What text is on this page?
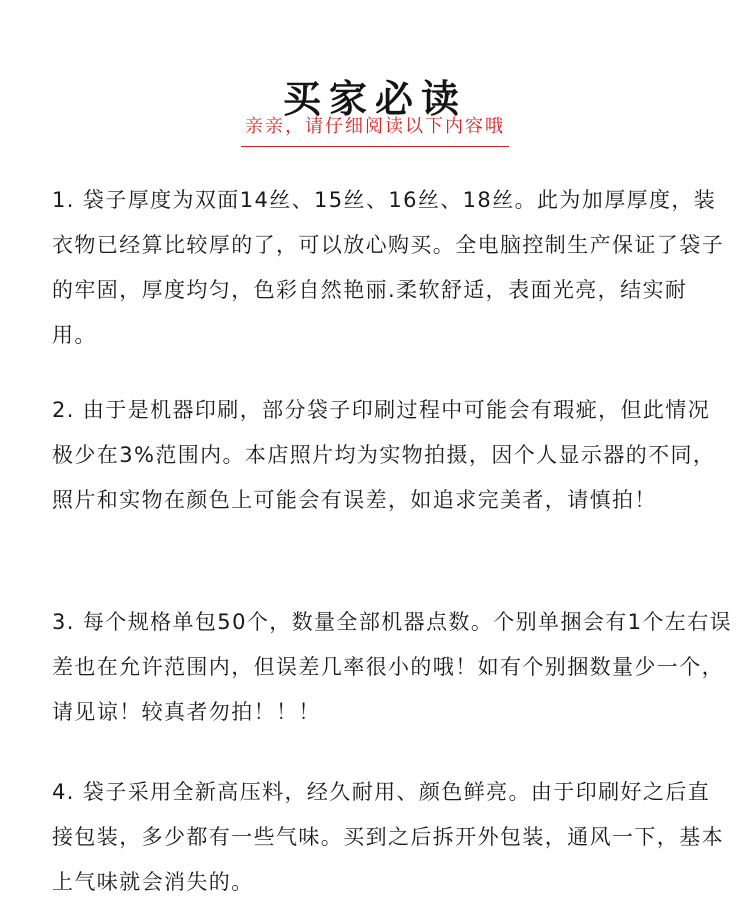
买家必读
亲亲，请仔细阅读以下内容哦

1. 袋子厚度为双面14丝、15丝、16丝、18丝。此为加厚厚度，装衣物已经算比较厚的了，可以放心购买。全电脑控制生产保证了袋子的牢固，厚度均匀，色彩自然艳丽.柔软舒适，表面光亮，结实耐用。

2. 由于是机器印刷，部分袋子印刷过程中可能会有瑕疵，但此情况极少在3%范围内。本店照片均为实物拍摄，因个人显示器的不同，照片和实物在颜色上可能会有误差，如追求完美者，请慎拍！

3. 每个规格单包50个，数量全部机器点数。个别单捆会有1个左右误差也在允许范围内，但误差几率很小的哦！如有个别捆数量少一个，请见谅！较真者勿拍！！！

4. 袋子采用全新高压料，经久耐用、颜色鲜亮。由于印刷好之后直接包装，多少都有一些气味。买到之后拆开外包装，通风一下，基本上气味就会消失的。
